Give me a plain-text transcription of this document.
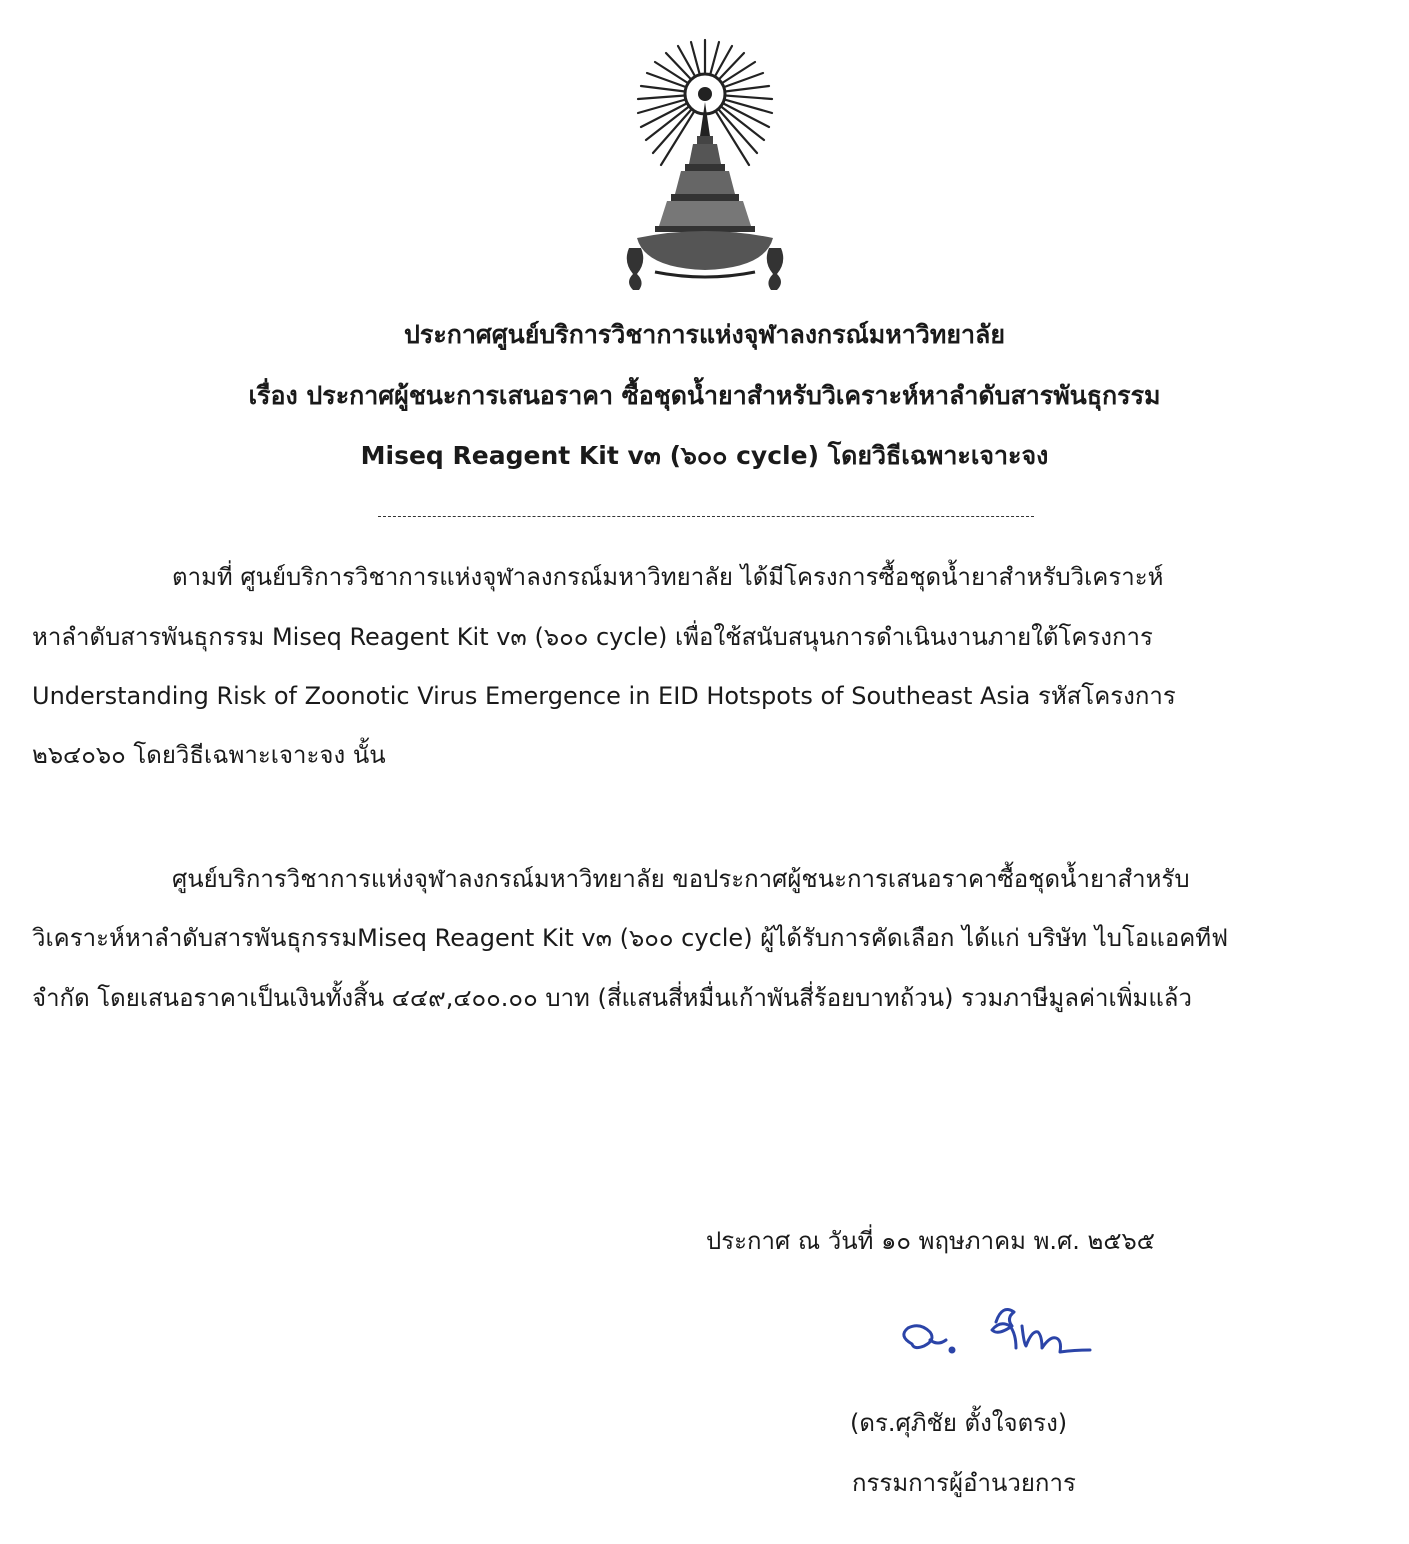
ประกาศศูนย์บริการวิชาการแห่งจุฬาลงกรณ์มหาวิทยาลัย
เรื่อง ประกาศผู้ชนะการเสนอราคา ซื้อชุดน้ำยาสำหรับวิเคราะห์หาลำดับสารพันธุกรรม
Miseq Reagent Kit v๓ (๖๐๐ cycle) โดยวิธีเฉพาะเจาะจง
ตามที่ ศูนย์บริการวิชาการแห่งจุฬาลงกรณ์มหาวิทยาลัย ได้มีโครงการซื้อชุดน้ำยาสำหรับวิเคราะห์
หาลำดับสารพันธุกรรม Miseq Reagent Kit v๓ (๖๐๐ cycle) เพื่อใช้สนับสนุนการดำเนินงานภายใต้โครงการ
Understanding Risk of Zoonotic Virus Emergence in EID Hotspots of Southeast Asia รหัสโครงการ
๒๖๔๐๖๐ โดยวิธีเฉพาะเจาะจง นั้น
ศูนย์บริการวิชาการแห่งจุฬาลงกรณ์มหาวิทยาลัย ขอประกาศผู้ชนะการเสนอราคาซื้อชุดน้ำยาสำหรับ
วิเคราะห์หาลำดับสารพันธุกรรมMiseq Reagent Kit v๓ (๖๐๐ cycle) ผู้ได้รับการคัดเลือก ได้แก่ บริษัท ไบโอแอคทีฟ
จำกัด โดยเสนอราคาเป็นเงินทั้งสิ้น ๔๔๙,๔๐๐.๐๐ บาท (สี่แสนสี่หมื่นเก้าพันสี่ร้อยบาทถ้วน) รวมภาษีมูลค่าเพิ่มแล้ว
ประกาศ ณ วันที่ ๑๐ พฤษภาคม พ.ศ. ๒๕๖๕
(ดร.ศุภิชัย ตั้งใจตรง)
กรรมการผู้อำนวยการ
